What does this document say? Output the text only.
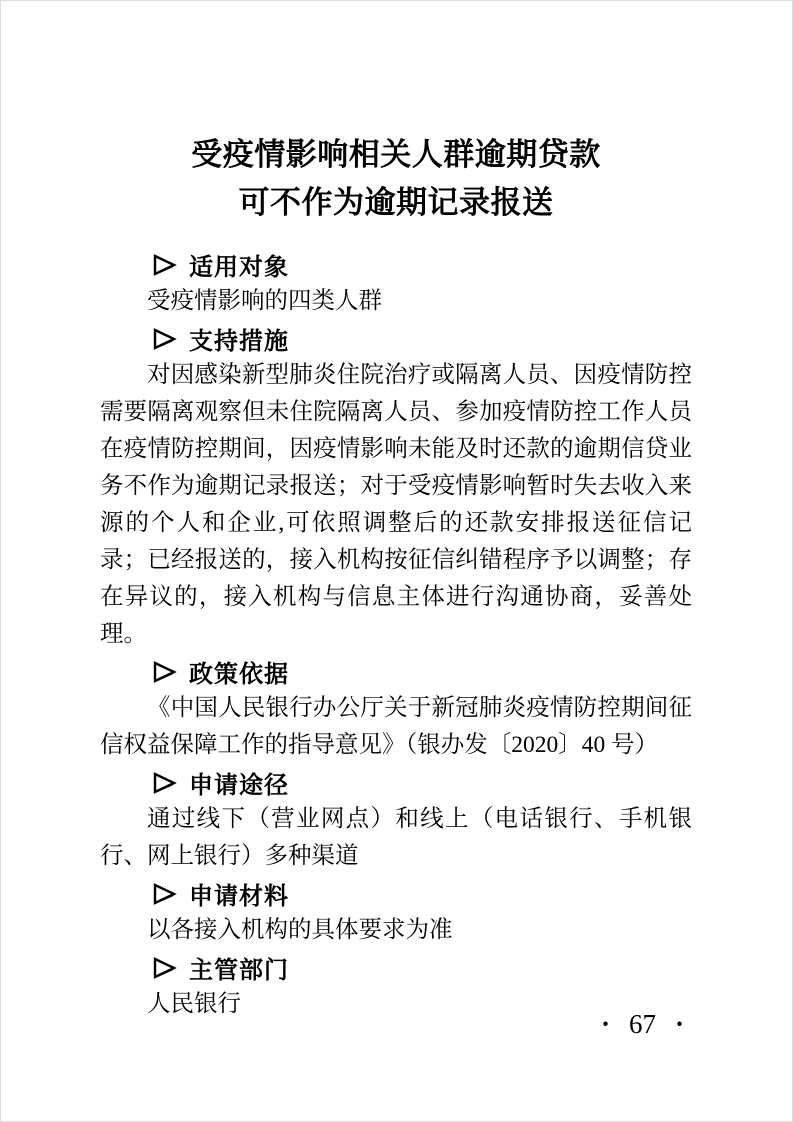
受疫情影响相关人群逾期贷款
可不作为逾期记录报送
适用对象

受疫情影响的四类人群

支持措施

对因感染新型肺炎住院治疗或隔离人员、因疫情防控需要隔离观察但未住院隔离人员、参加疫情防控工作人员在疫情防控期间，因疫情影响未能及时还款的逾期信贷业务不作为逾期记录报送；对于受疫情影响暂时失去收入来源的个人和企业,可依照调整后的还款安排报送征信记录；已经报送的，接入机构按征信纠错程序予以调整；存在异议的，接入机构与信息主体进行沟通协商，妥善处理。

政策依据

《中国人民银行办公厅关于新冠肺炎疫情防控期间征信权益保障工作的指导意见》（银办发〔2020〕40 号）

申请途径

通过线下（营业网点）和线上（电话银行、手机银行、网上银行）多种渠道

申请材料

以各接入机构的具体要求为准

主管部门

人民银行

· 67 ·
